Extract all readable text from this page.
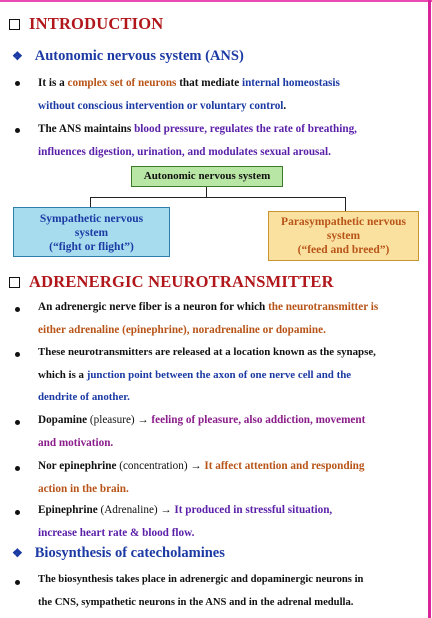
INTRODUCTION
❖ Autonomic nervous system (ANS)
It is a complex set of neurons that mediate internal homeostasis
without conscious intervention or voluntary control.
The ANS maintains blood pressure, regulates the rate of breathing,
influences digestion, urination, and modulates sexual arousal.
Autonomic nervous system
Sympathetic nervous
system
(“fight or flight”)
Parasympathetic nervous
system
(“feed and breed”)
ADRENERGIC NEUROTRANSMITTER
An adrenergic nerve fiber is a neuron for which the neurotransmitter is
either adrenaline (epinephrine), noradrenaline or dopamine.
These neurotransmitters are released at a location known as the synapse,
which is a junction point between the axon of one nerve cell and the
dendrite of another.
Dopamine (pleasure) → feeling of pleasure, also addiction, movement
and motivation.
Nor epinephrine (concentration) → It affect attention and responding
action in the brain.
Epinephrine (Adrenaline) → It produced in stressful situation,
increase heart rate & blood flow.
❖ Biosynthesis of catecholamines
The biosynthesis takes place in adrenergic and dopaminergic neurons in
the CNS, sympathetic neurons in the ANS and in the adrenal medulla.
